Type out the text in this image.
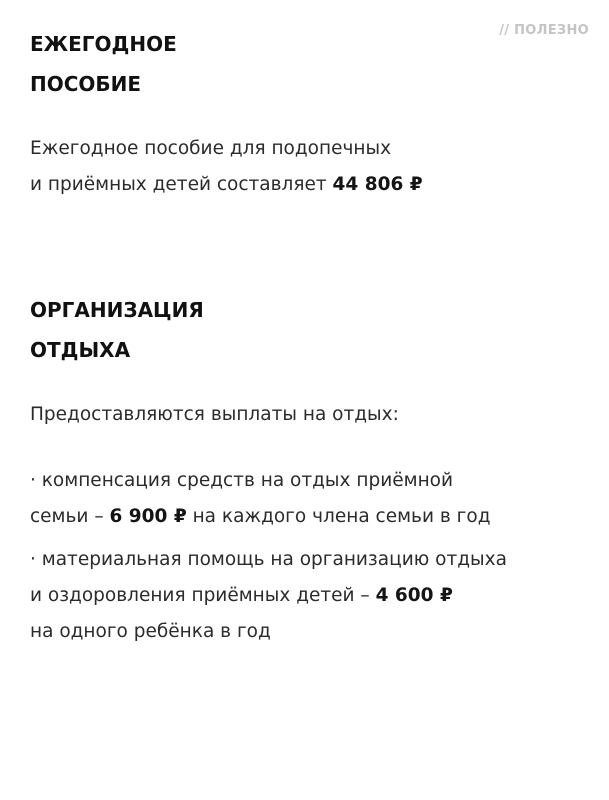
// ПОЛЕЗНО
ЕЖЕГОДНОЕ
ПОСОБИЕ

Ежегодное пособие для подопечных
и приёмных детей составляет 44 806 ₽

ОРГАНИЗАЦИЯ
ОТДЫХА

Предоставляются выплаты на отдых:

· компенсация средств на отдых приёмной
семьи – 6 900 ₽ на каждого члена семьи в год

· материальная помощь на организацию отдыха
и оздоровления приёмных детей – 4 600 ₽
на одного ребёнка в год
